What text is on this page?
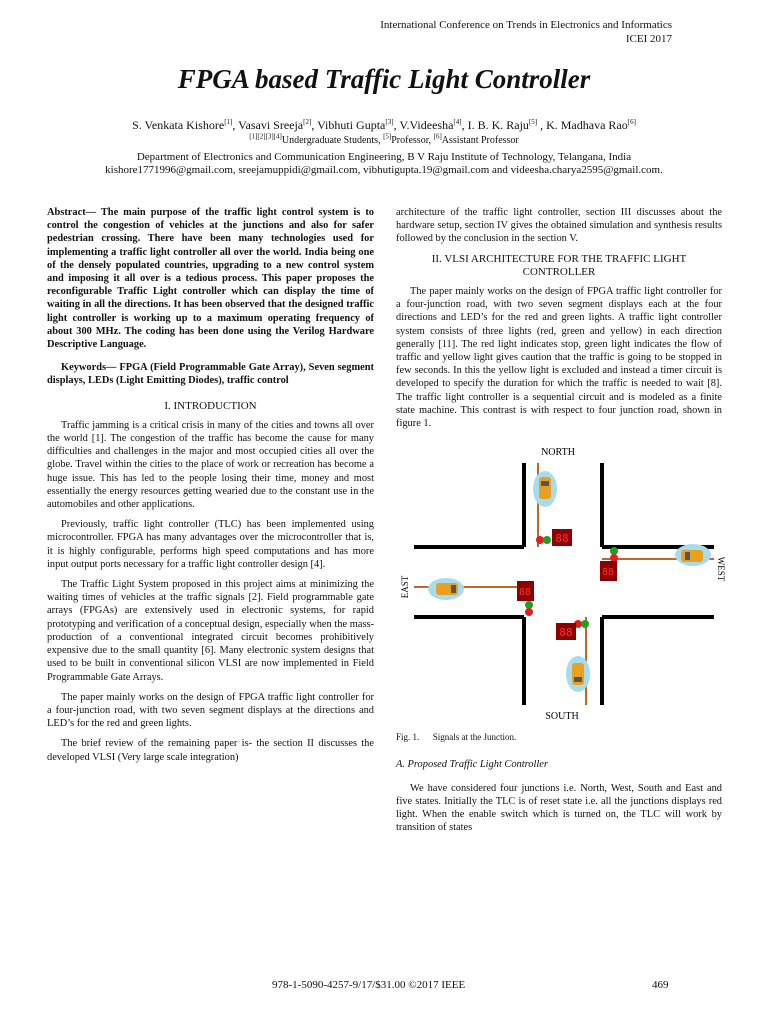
International Conference on Trends in Electronics and Informatics
ICEI 2017
FPGA based Traffic Light Controller
S. Venkata Kishore[1], Vasavi Sreeja[2], Vibhuti Gupta[3], V.Videesha[4], I. B. K. Raju[5] , K. Madhava Rao[6]
[1][2][3][4]Undergraduate Students, [5]Professor, [6]Assistant Professor
Department of Electronics and Communication Engineering, B V Raju Institute of Technology, Telangana, India
kishore1771996@gmail.com, sreejamuppidi@gmail.com, vibhutigupta.19@gmail.com and videesha.charya2595@gmail.com.

Abstract— The main purpose of the traffic light control system is to control the congestion of vehicles at the junctions and also for safer pedestrian crossing. There have been many technologies used for implementing a traffic light controller all over the world. India being one of the densely populated countries, upgrading to a new control system and imposing it all over is a tedious process. This paper proposes the reconfigurable Traffic Light controller which can display the time of waiting in all the directions. It has been observed that the designed traffic light controller is working up to a maximum operating frequency of about 300 MHz. The coding has been done using the Verilog Hardware Descriptive Language.

Keywords— FPGA (Field Programmable Gate Array), Seven segment displays, LEDs (Light Emitting Diodes), traffic control

I. INTRODUCTION

Traffic jamming is a critical crisis in many of the cities and towns all over the world [1]. The congestion of the traffic has become the cause for many difficulties and challenges in the major and most occupied cities all over the globe. Travel within the cities to the place of work or recreation has become a huge issue. This has led to the people losing their time, money and most essentially the energy resources getting wearied due to the constant use in the automobiles and other applications.

Previously, traffic light controller (TLC) has been implemented using microcontroller. FPGA has many advantages over the microcontroller that is, it is highly configurable, performs high speed computations and has more input output ports necessary for a traffic light controller design [4].

The Traffic Light System proposed in this project aims at minimizing the waiting times of vehicles at the traffic signals [2]. Field programmable gate arrays (FPGAs) are extensively used in electronic systems, for rapid prototyping and verification of a conceptual design, especially when the mass-production of a conventional integrated circuit becomes prohibitively expensive due to the small quantity [6]. Many electronic system designs that used to be built in conventional silicon VLSI are now implemented in Field Programmable Gate Arrays.

The paper mainly works on the design of FPGA traffic light controller for a four-junction road, with two seven segment displays at the directions and LED’s for the red and green lights.

The brief review of the remaining paper is- the section II discusses the developed VLSI (Very large scale integration)

architecture of the traffic light controller, section III discusses about the hardware setup, section IV gives the obtained simulation and synthesis results followed by the conclusion in the section V.

II. VLSI ARCHITECTURE FOR THE TRAFFIC LIGHT CONTROLLER

The paper mainly works on the design of FPGA traffic light controller for a four-junction road, with two seven segment displays each at the four directions and LED’s for the red and green lights. A traffic light controller system consists of three lights (red, green and yellow) in each direction generally [11]. The red light indicates stop, green light indicates the flow of traffic and yellow light gives caution that the traffic is going to be stopped in few seconds. In this the yellow light is excluded and instead a timer circuit is developed to specify the duration for which the traffic is needed to wait [8]. The traffic light controller is a sequential circuit and is modeled as a finite state machine. This contrast is with respect to four junction road, shown in figure 1.

88
88
88
88
NORTH
SOUTH
EAST
WEST
Fig. 1. Signals at the Junction.
A. Proposed Traffic Light Controller

We have considered four junctions i.e. North, West, South and East and five states. Initially the TLC is of reset state i.e. all the junctions displays red light. When the enable switch which is turned on, the TLC will work by transition of states

978-1-5090-4257-9/17/$31.00 ©2017 IEEE	469
